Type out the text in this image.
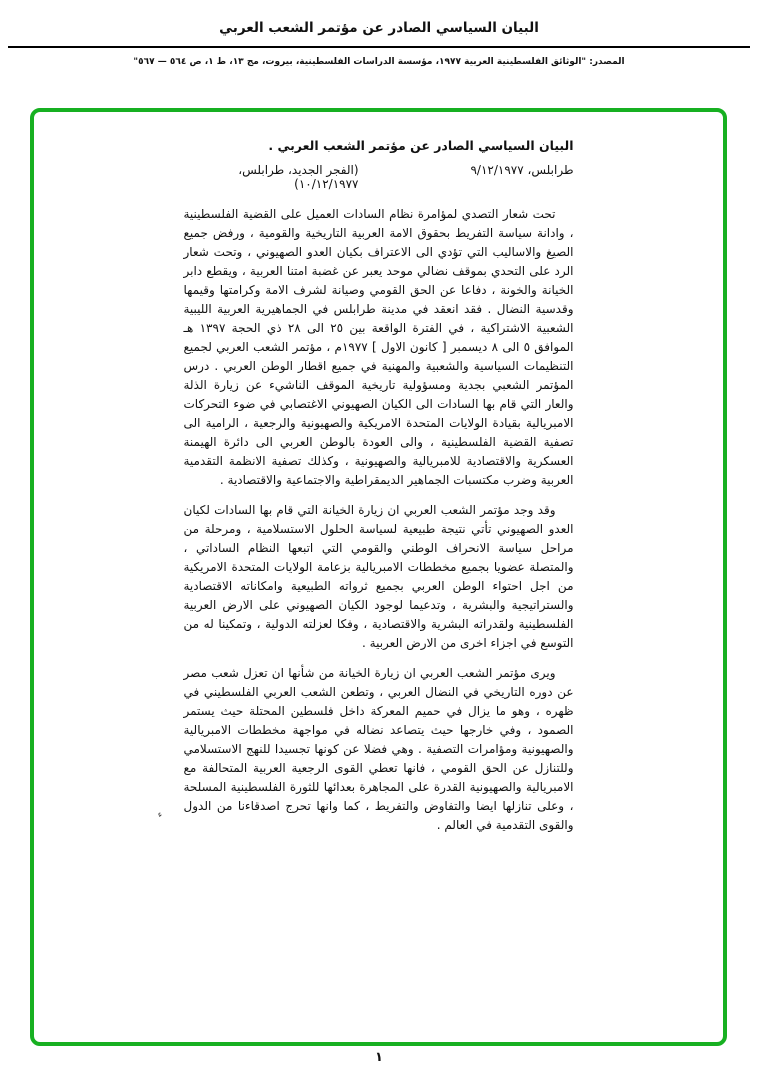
البيان السياسي الصادر عن مؤتمر الشعب العربي
المصدر: "الوثائق الفلسطينية العربية ١٩٧٧، مؤسسة الدراسات الفلسطينية، بيروت، مج ١٣، ط ١، ص ٥٦٤ — ٥٦٧"
البيان السياسي الصادر عن مؤتمر الشعب العربي .
طرابلس، ٩/١٢/١٩٧٧
(الفجر الجديد، طرابلس، ١٠/١٢/١٩٧٧)

تحت شعار التصدي لمؤامرة نظام السادات العميل على القضية الفلسطينية ، وادانة سياسة التفريط بحقوق الامة العربية التاريخية والقومية ، ورفض جميع الصيغ والاساليب التي تؤدي الى الاعتراف بكيان العدو الصهيوني ، وتحت شعار الرد على التحدي بموقف نضالي موحد يعبر عن غضبة امتنا العربية ، ويقطع دابر الخيانة والخونة ، دفاعا عن الحق القومي وصيانة لشرف الامة وكرامتها وقيمها وقدسية النضال . فقد انعقد في مدينة طرابلس في الجماهيرية العربية الليبية الشعبية الاشتراكية ، في الفترة الواقعة بين ٢٥ الى ٢٨ ذي الحجة ١٣٩٧ هـ الموافق ٥ الى ٨ ديسمبر [ كانون الاول ] ١٩٧٧م ، مؤتمر الشعب العربي لجميع التنظيمات السياسية والشعبية والمهنية في جميع اقطار الوطن العربي . درس المؤتمر الشعبي بجدية ومسؤولية تاريخية الموقف الناشيء عن زيارة الذلة والعار التي قام بها السادات الى الكيان الصهيوني الاغتصابي في ضوء التحركات الامبريالية بقيادة الولايات المتحدة الامريكية والصهيونية والرجعية ، الرامية الى تصفية القضية الفلسطينية ، والى العودة بالوطن العربي الى دائرة الهيمنة العسكرية والاقتصادية للامبريالية والصهيونية ، وكذلك تصفية الانظمة التقدمية العربية وضرب مكتسبات الجماهير الديمقراطية والاجتماعية والاقتصادية .

وقد وجد مؤتمر الشعب العربي ان زيارة الخيانة التي قام بها السادات لكيان العدو الصهيوني تأتي نتيجة طبيعية لسياسة الحلول الاستسلامية ، ومرحلة من مراحل سياسة الانحراف الوطني والقومي التي اتبعها النظام الساداتي ، والمتصلة عضويا بجميع مخططات الامبريالية بزعامة الولايات المتحدة الامريكية من اجل احتواء الوطن العربي بجميع ثرواته الطبيعية وامكاناته الاقتصادية والستراتيجية والبشرية ، وتدعيما لوجود الكيان الصهيوني على الارض العربية الفلسطينية ولقدراته البشرية والاقتصادية ، وفكا لعزلته الدولية ، وتمكينا له من التوسع في اجزاء اخرى من الارض العربية .

ويرى مؤتمر الشعب العربي ان زيارة الخيانة من شأنها ان تعزل شعب مصر عن دوره التاريخي في النضال العربي ، وتطعن الشعب العربي الفلسطيني في ظهره ، وهو ما يزال في حميم المعركة داخل فلسطين المحتلة حيث يستمر الصمود ، وفي خارجها حيث يتصاعد نضاله في مواجهة مخططات الامبريالية والصهيونية ومؤامرات التصفية . وهي فضلا عن كونها تجسيدا للنهج الاستسلامي وللتنازل عن الحق القومي ، فانها تعطي القوى الرجعية العربية المتحالفة مع الامبريالية والصهيونية القدرة على المجاهرة بعدائها للثورة الفلسطينية المسلحة ، وعلى تنازلها ايضا والتفاوض والتفريط ، كما وانها تحرج اصدقاءنا من الدول والقوى التقدمية في العالم .

ء
١
